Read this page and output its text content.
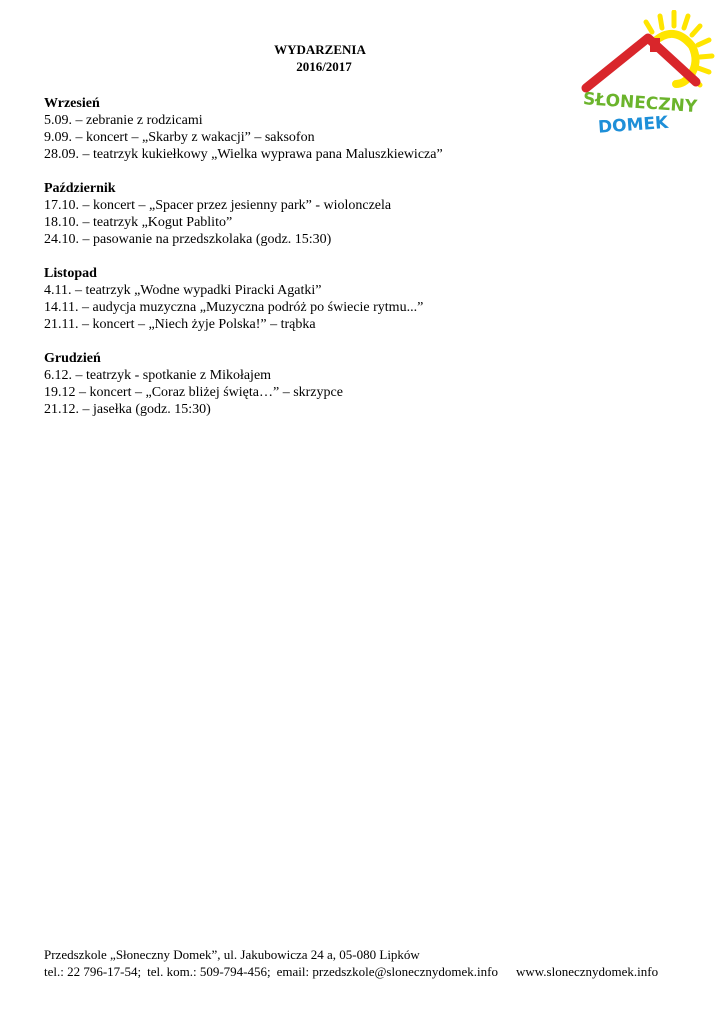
WYDARZENIA
2016/2017
SŁONECZNY
DOMEK
Wrzesień
5.09. – zebranie z rodzicami
9.09. – koncert – „Skarby z wakacji” – saksofon
28.09. – teatrzyk kukiełkowy „Wielka wyprawa pana Maluszkiewicza”
Październik
17.10. – koncert – „Spacer przez jesienny park” - wiolonczela
18.10. – teatrzyk „Kogut Pablito”
24.10. – pasowanie na przedszkolaka (godz. 15:30)
Listopad
4.11. – teatrzyk „Wodne wypadki Piracki Agatki”
14.11. – audycja muzyczna „Muzyczna podróż po świecie rytmu...”
21.11. – koncert – „Niech żyje Polska!” – trąbka
Grudzień
6.12. – teatrzyk - spotkanie z Mikołajem
19.12 – koncert – „Coraz bliżej święta…” – skrzypce
21.12. – jasełka (godz. 15:30)
Przedszkole „Słoneczny Domek”, ul. Jakubowicza 24 a, 05-080 Lipków
tel.: 22 796-17-54; tel. kom.: 509-794-456; email: przedszkole@slonecznydomek.info www.slonecznydomek.info
